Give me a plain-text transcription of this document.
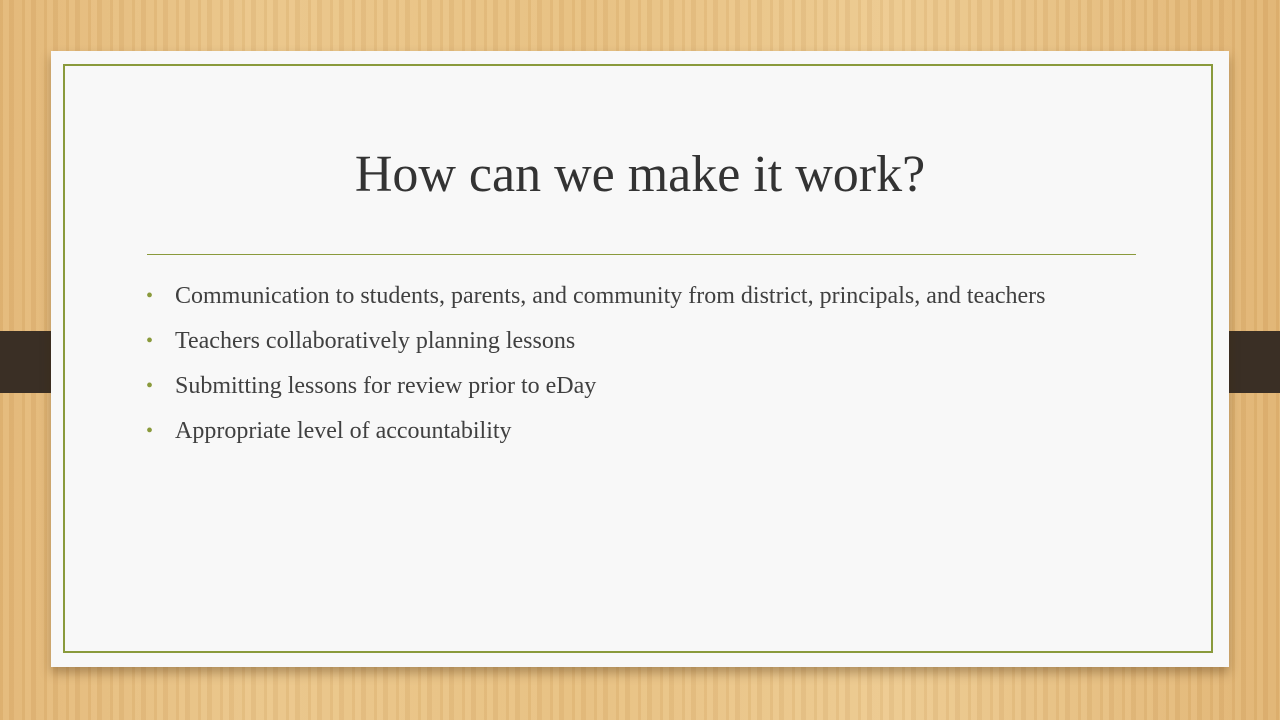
How can we make it work?
• Communication to students, parents, and community from district, principals, and teachers
• Teachers collaboratively planning lessons
• Submitting lessons for review prior to eDay
• Appropriate level of accountability
